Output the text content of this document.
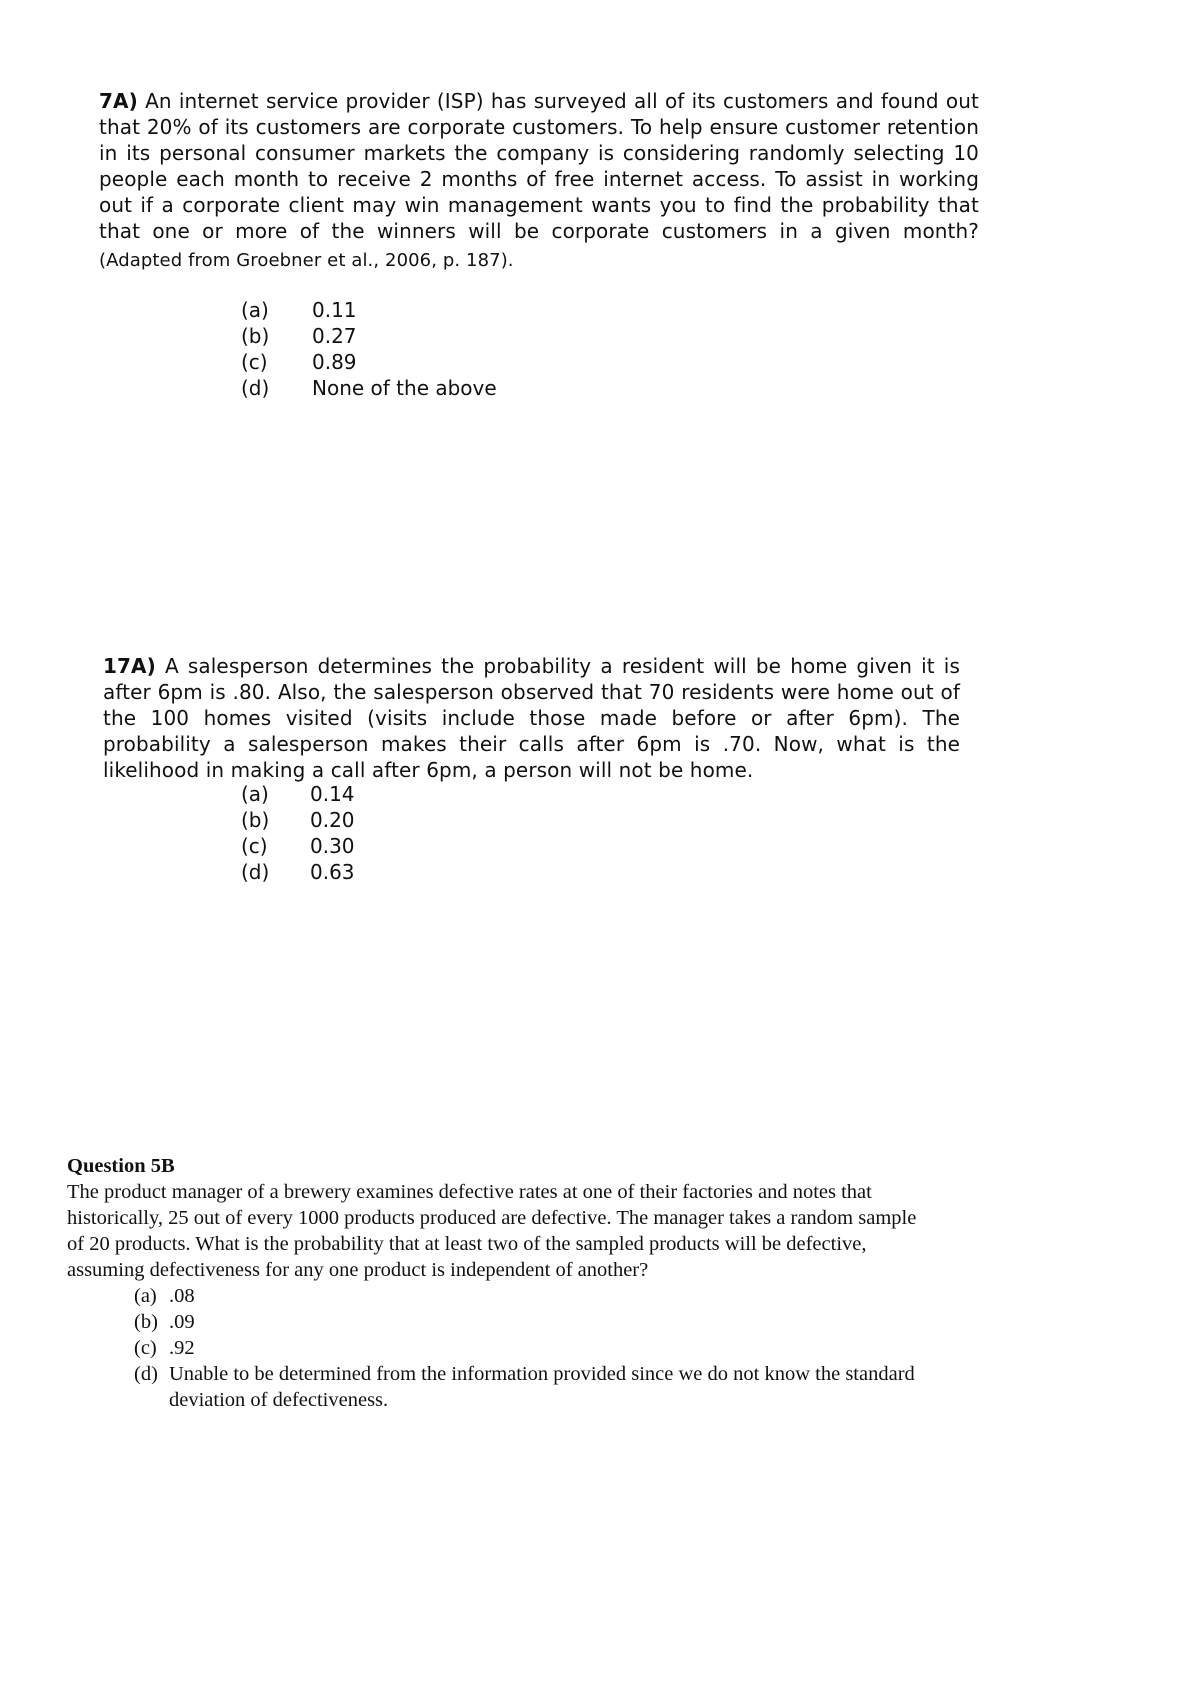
7A) An internet service provider (ISP) has surveyed all of its customers and found out that 20% of its customers are corporate customers. To help ensure customer retention in its personal consumer markets the company is considering randomly selecting 10 people each month to receive 2 months of free internet access. To assist in working out if a corporate client may win management wants you to find the probability that that one or more of the winners will be corporate customers in a given month? (Adapted from Groebner et al., 2006, p. 187).

(a)	0.11
(b)	0.27
(c)	0.89
(d)	None of the above

17A) A salesperson determines the probability a resident will be home given it is after 6pm is .80. Also, the salesperson observed that 70 residents were home out of the 100 homes visited (visits include those made before or after 6pm). The probability a salesperson makes their calls after 6pm is .70. Now, what is the likelihood in making a call after 6pm, a person will not be home.

(a)	0.14
(b)	0.20
(c)	0.30
(d)	0.63
Question 5B
The product manager of a brewery examines defective rates at one of their factories and notes that historically, 25 out of every 1000 products produced are defective. The manager takes a random sample of 20 products. What is the probability that at least two of the sampled products will be defective, assuming defectiveness for any one product is independent of another?
(a) .08
(b) .09
(c) .92
(d) Unable to be determined from the information provided since we do not know the standard deviation of defectiveness.
